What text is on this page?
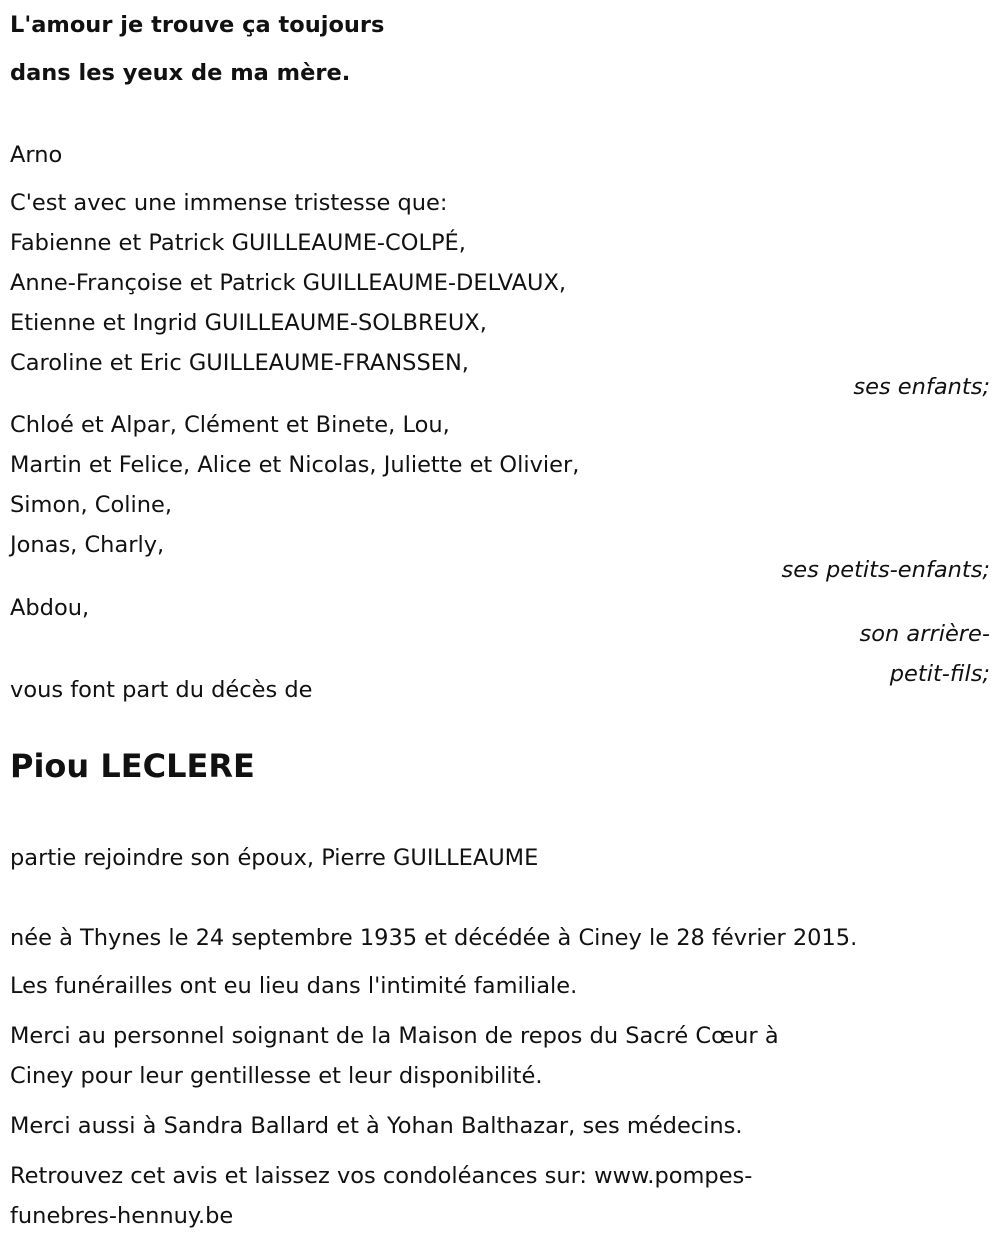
L'amour je trouve ça toujours
dans les yeux de ma mère.
Arno
C'est avec une immense tristesse que:
Fabienne et Patrick GUILLEAUME-COLPÉ,
Anne-Françoise et Patrick GUILLEAUME-DELVAUX,
Etienne et Ingrid GUILLEAUME-SOLBREUX,
Caroline et Eric GUILLEAUME-FRANSSEN,
ses enfants;
Chloé et Alpar, Clément et Binete, Lou,
Martin et Felice, Alice et Nicolas, Juliette et Olivier,
Simon, Coline,
Jonas, Charly,
ses petits-enfants;
Abdou,
son arrière-
petit-fils;
vous font part du décès de
Piou LECLERE
partie rejoindre son époux, Pierre GUILLEAUME
née à Thynes le 24 septembre 1935 et décédée à Ciney le 28 février 2015.
Les funérailles ont eu lieu dans l'intimité familiale.
Merci au personnel soignant de la Maison de repos du Sacré Cœur à
Ciney pour leur gentillesse et leur disponibilité.
Merci aussi à Sandra Ballard et à Yohan Balthazar, ses médecins.
Retrouvez cet avis et laissez vos condoléances sur: www.pompes-
funebres-hennuy.be
